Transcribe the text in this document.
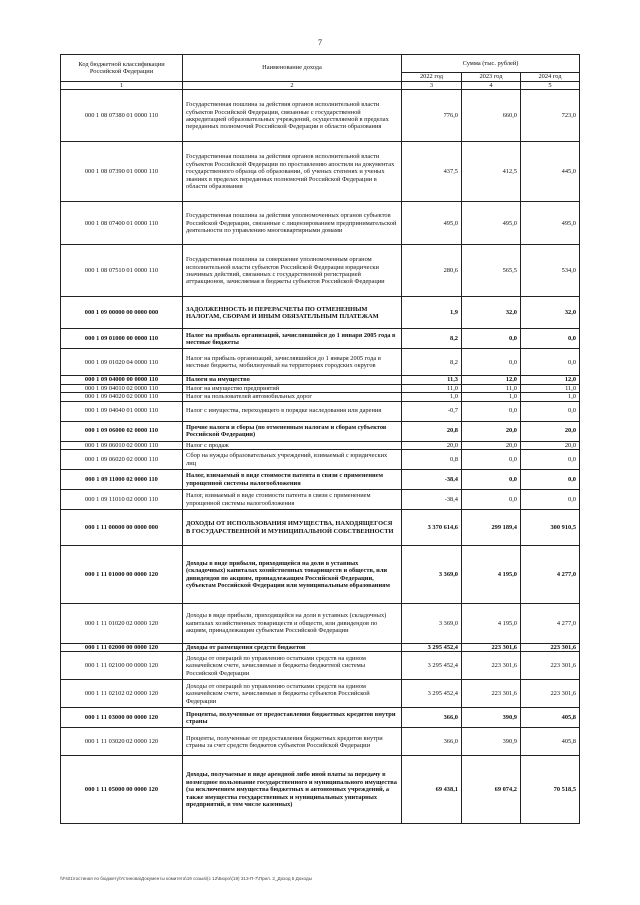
7
Код бюджетной классификации Российской Федерации	Наименование дохода	Сумма (тыс. рублей)		
		2022 год	2023 год	2024 год
1	2	3	4	5
000 1 08 07380 01 0000 110	Государственная пошлина за действия органов исполнительной власти субъектов Российской Федерации, связанные с государственной аккредитацией образовательных учреждений, осуществляемой в пределах переданных полномочий Российской Федерации в области образования	776,0	660,0	723,0
000 1 08 07390 01 0000 110	Государственная пошлина за действия органов исполнительной власти субъектов Российской Федерации по проставлению апостиля на документах государственного образца об образовании, об ученых степенях и ученых званиях в пределах переданных полномочий Российской Федерации в области образования	437,5	412,5	445,0
000 1 08 07400 01 0000 110	Государственная пошлина за действия уполномоченных органов субъектов Российской Федерации, связанные с лицензированием предпринимательской деятельности по управлению многоквартирными домами	495,0	495,0	495,0
000 1 08 07510 01 0000 110	Государственная пошлина за совершение уполномоченным органом исполнительной власти субъектов Российской Федерации юридически значимых действий, связанных с государственной регистрацией аттракционов, зачисляемая в бюджеты субъектов Российской Федерации	280,6	565,5	534,0
000 1 09 00000 00 0000 000	ЗАДОЛЖЕННОСТЬ И ПЕРЕРАСЧЕТЫ ПО ОТМЕНЕННЫМ НАЛОГАМ, СБОРАМ И ИНЫМ ОБЯЗАТЕЛЬНЫМ ПЛАТЕЖАМ	1,9	32,0	32,0
000 1 09 01000 00 0000 110	Налог на прибыль организаций, зачислявшийся до 1 января 2005 года в местные бюджеты	8,2	0,0	0,0
000 1 09 01020 04 0000 110	Налог на прибыль организаций, зачислявшийся до 1 января 2005 года в местные бюджеты, мобилизуемый на территориях городских округов	8,2	0,0	0,0
000 1 09 04000 00 0000 110	Налоги на имущество	11,3	12,0	12,0
000 1 09 04010 02 0000 110	Налог на имущество предприятий	11,0	11,0	11,0
000 1 09 04020 02 0000 110	Налог на пользователей автомобильных дорог	1,0	1,0	1,0
000 1 09 04040 01 0000 110	Налог с имущества, переходящего в порядке наследования или дарения	-0,7	0,0	0,0
000 1 09 06000 02 0000 110	Прочие налоги и сборы (по отмененным налогам и сборам субъектов Российской Федерации)	20,8	20,0	20,0
000 1 09 06010 02 0000 110	Налог с продаж	20,0	20,0	20,0
000 1 09 06020 02 0000 110	Сбор на нужды образовательных учреждений, взимаемый с юридических лиц	0,8	0,0	0,0
000 1 09 11000 02 0000 110	Налог, взимаемый в виде стоимости патента в связи с применением упрощенной системы налогообложения	-38,4	0,0	0,0
000 1 09 11010 02 0000 110	Налог, взимаемый в виде стоимости патента в связи с применением упрощенной системы налогообложения	-38,4	0,0	0,0
000 1 11 00000 00 0000 000	ДОХОДЫ ОТ ИСПОЛЬЗОВАНИЯ ИМУЩЕСТВА, НАХОДЯЩЕГОСЯ В ГОСУДАРСТВЕННОЙ И МУНИЦИПАЛЬНОЙ СОБСТВЕННОСТИ	3 370 614,6	299 189,4	300 910,5
000 1 11 01000 00 0000 120	Доходы в виде прибыли, приходящейся на доли в уставных (складочных) капиталах хозяйственных товариществ и обществ, или дивидендов по акциям, принадлежащим Российской Федерации, субъектам Российской Федерации или муниципальным образованиям	3 369,0	4 195,0	4 277,0
000 1 11 01020 02 0000 120	Доходы в виде прибыли, приходящейся на доли в уставных (складочных) капиталах хозяйственных товариществ и обществ, или дивидендов по акциям, принадлежащим субъектам Российской Федерации	3 369,0	4 195,0	4 277,0
000 1 11 02000 00 0000 120	Доходы от размещения средств бюджетов	3 295 452,4	223 301,6	223 301,6
000 1 11 02100 00 0000 120	Доходы от операций по управлению остатками средств на едином казначейском счете, зачисляемые в бюджеты бюджетной системы Российской Федерации	3 295 452,4	223 301,6	223 301,6
000 1 11 02102 02 0000 120	Доходы от операций по управлению остатками средств на едином казначейском счете, зачисляемые в бюджеты субъектов Российской Федерации	3 295 452,4	223 301,6	223 301,6
000 1 11 03000 00 0000 120	Проценты, полученные от предоставления бюджетных кредитов внутри страны	366,0	390,9	405,8
000 1 11 03020 02 0000 120	Проценты, полученные от предоставления бюджетных кредитов внутри страны за счет средств бюджетов субъектов Российской Федерации	366,0	390,9	405,8
000 1 11 05000 00 0000 120	Доходы, получаемые в виде арендной либо иной платы за передачу в возмездное пользование государственного и муниципального имущества (за исключением имущества бюджетных и автономных учреждений, а также имущества государственных и муниципальных унитарных предприятий, в том числе казенных)	69 438,1	69 074,2	70 518,5
\\Fs01\гостиная по бюджету\Устинова\Документы комитета\19 созыв\(с 12\Бюро\(19) 313-П-7\Прил. 2_Доход 5 Доходы
